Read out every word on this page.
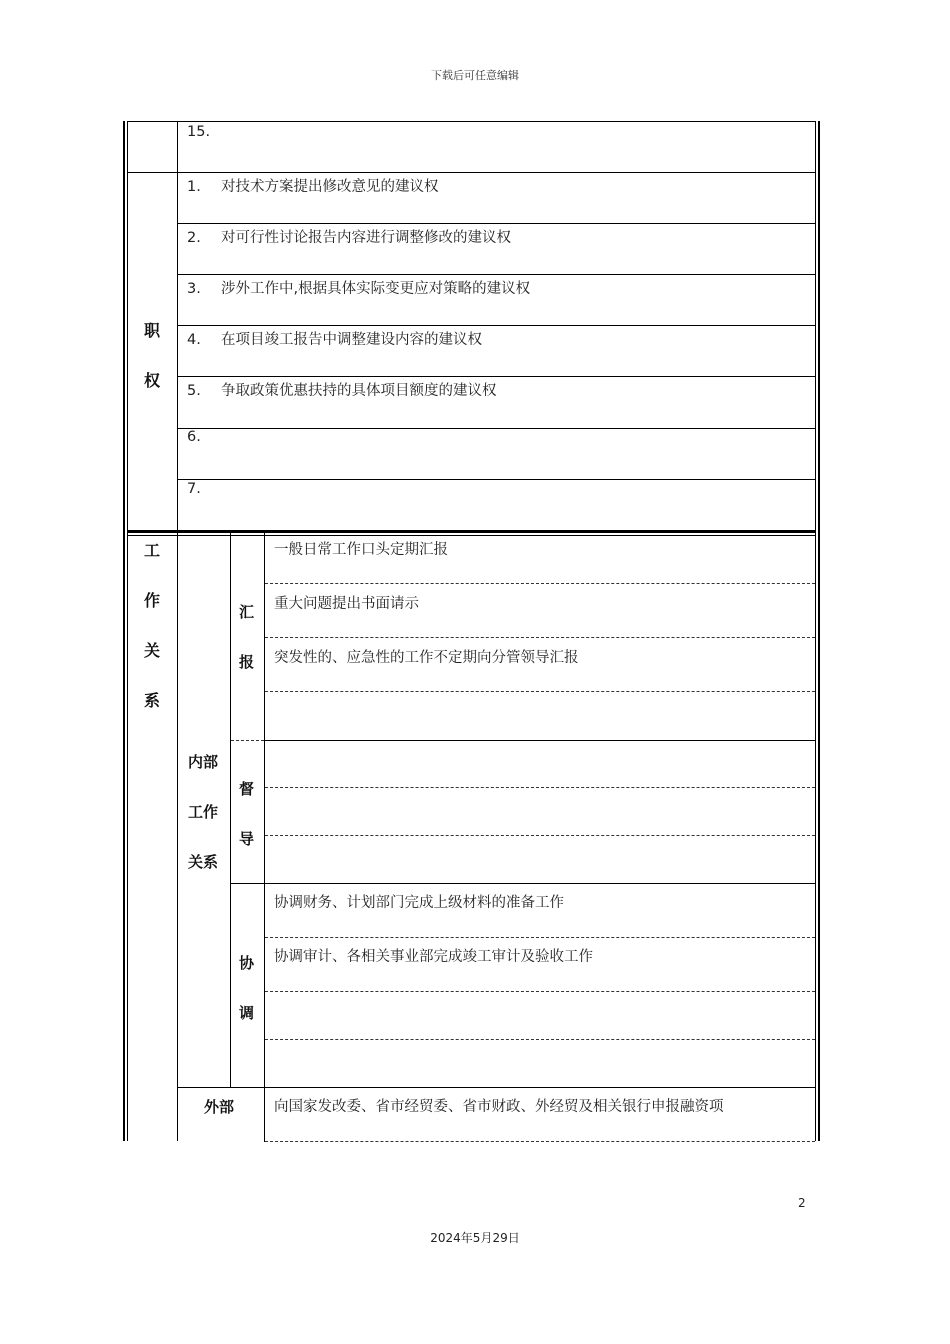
下载后可任意编辑
15.
职
权
1. 对技术方案提出修改意见的建议权
2. 对可行性讨论报告内容进行调整修改的建议权
3. 涉外工作中,根据具体实际变更应对策略的建议权
4. 在项目竣工报告中调整建设内容的建议权
5. 争取政策优惠扶持的具体项目额度的建议权
6.
7.
工
作
关
系
内部
工作
关系
汇
报
督
导
协
调
一般日常工作口头定期汇报
重大问题提出书面请示
突发性的、应急性的工作不定期向分管领导汇报
协调财务、计划部门完成上级材料的准备工作
协调审计、各相关事业部完成竣工审计及验收工作
外部	向国家发改委、省市经贸委、省市财政、外经贸及相关银行申报融资项
2
2024年5月29日
